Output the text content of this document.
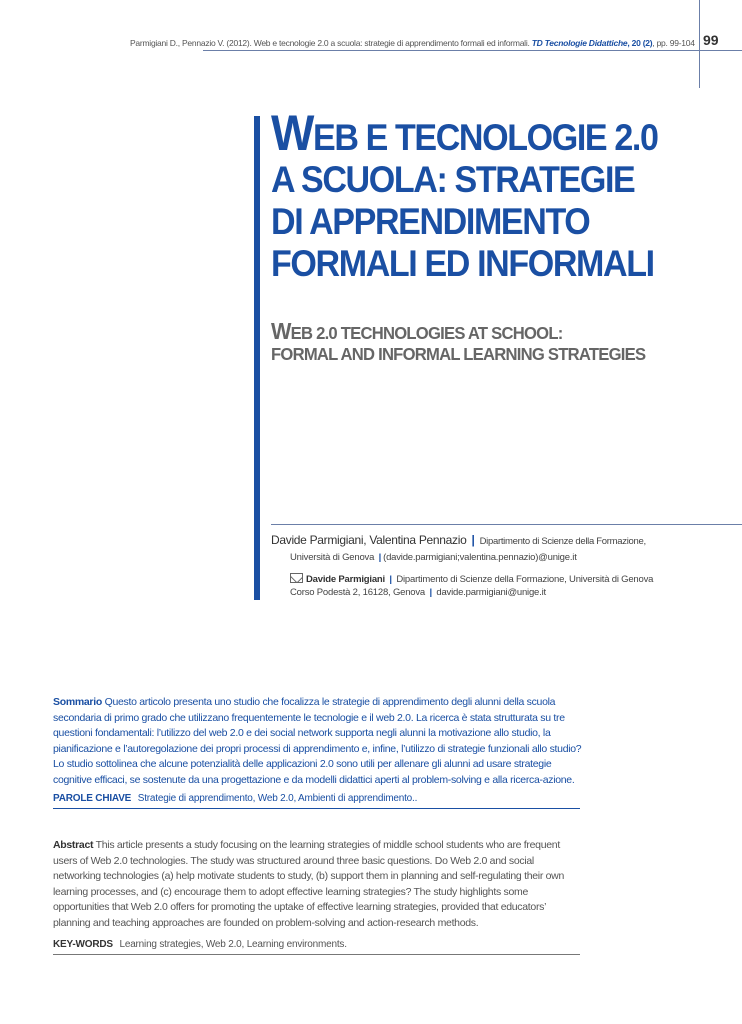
Parmigiani D., Pennazio V. (2012). Web e tecnologie 2.0 a scuola: strategie di apprendimento formali ed informali. TD Tecnologie Didattiche, 20 (2), pp. 99-104 99
WEB E TECNOLOGIE 2.0
A SCUOLA: STRATEGIE
DI APPRENDIMENTO
FORMALI ED INFORMALI
WEB 2.0 TECHNOLOGIES AT SCHOOL:
FORMAL AND INFORMAL LEARNING STRATEGIES
Davide Parmigiani, Valentina Pennazio | Dipartimento di Scienze della Formazione,
Università di Genova | (davide.parmigiani;valentina.pennazio)@unige.it
Davide Parmigiani | Dipartimento di Scienze della Formazione, Università di Genova
Corso Podestà 2, 16128, Genova | davide.parmigiani@unige.it
Sommario Questo articolo presenta uno studio che focalizza le strategie di apprendimento degli alunni della scuola secondaria di primo grado che utilizzano frequentemente le tecnologie e il web 2.0. La ricerca è stata strutturata su tre questioni fondamentali: l’utilizzo del web 2.0 e dei social network supporta negli alunni la motivazione allo studio, la pianificazione e l’autoregolazione dei propri processi di apprendimento e, infine, l’utilizzo di strategie funzionali allo studio? Lo studio sottolinea che alcune potenzialità delle applicazioni 2.0 sono utili per allenare gli alunni ad usare strategie cognitive efficaci, se sostenute da una progettazione e da modelli didattici aperti al problem-solving e alla ricerca-azione.
PAROLE CHIAVE Strategie di apprendimento, Web 2.0, Ambienti di apprendimento..
Abstract This article presents a study focusing on the learning strategies of middle school students who are frequent users of Web 2.0 technologies. The study was structured around three basic questions. Do Web 2.0 and social networking technologies (a) help motivate students to study, (b) support them in planning and self-regulating their own learning processes, and (c) encourage them to adopt effective learning strategies? The study highlights some opportunities that Web 2.0 offers for promoting the uptake of effective learning strategies, provided that educators’ planning and teaching approaches are founded on problem-solving and action-research methods.
KEY-WORDS Learning strategies, Web 2.0, Learning environments.
